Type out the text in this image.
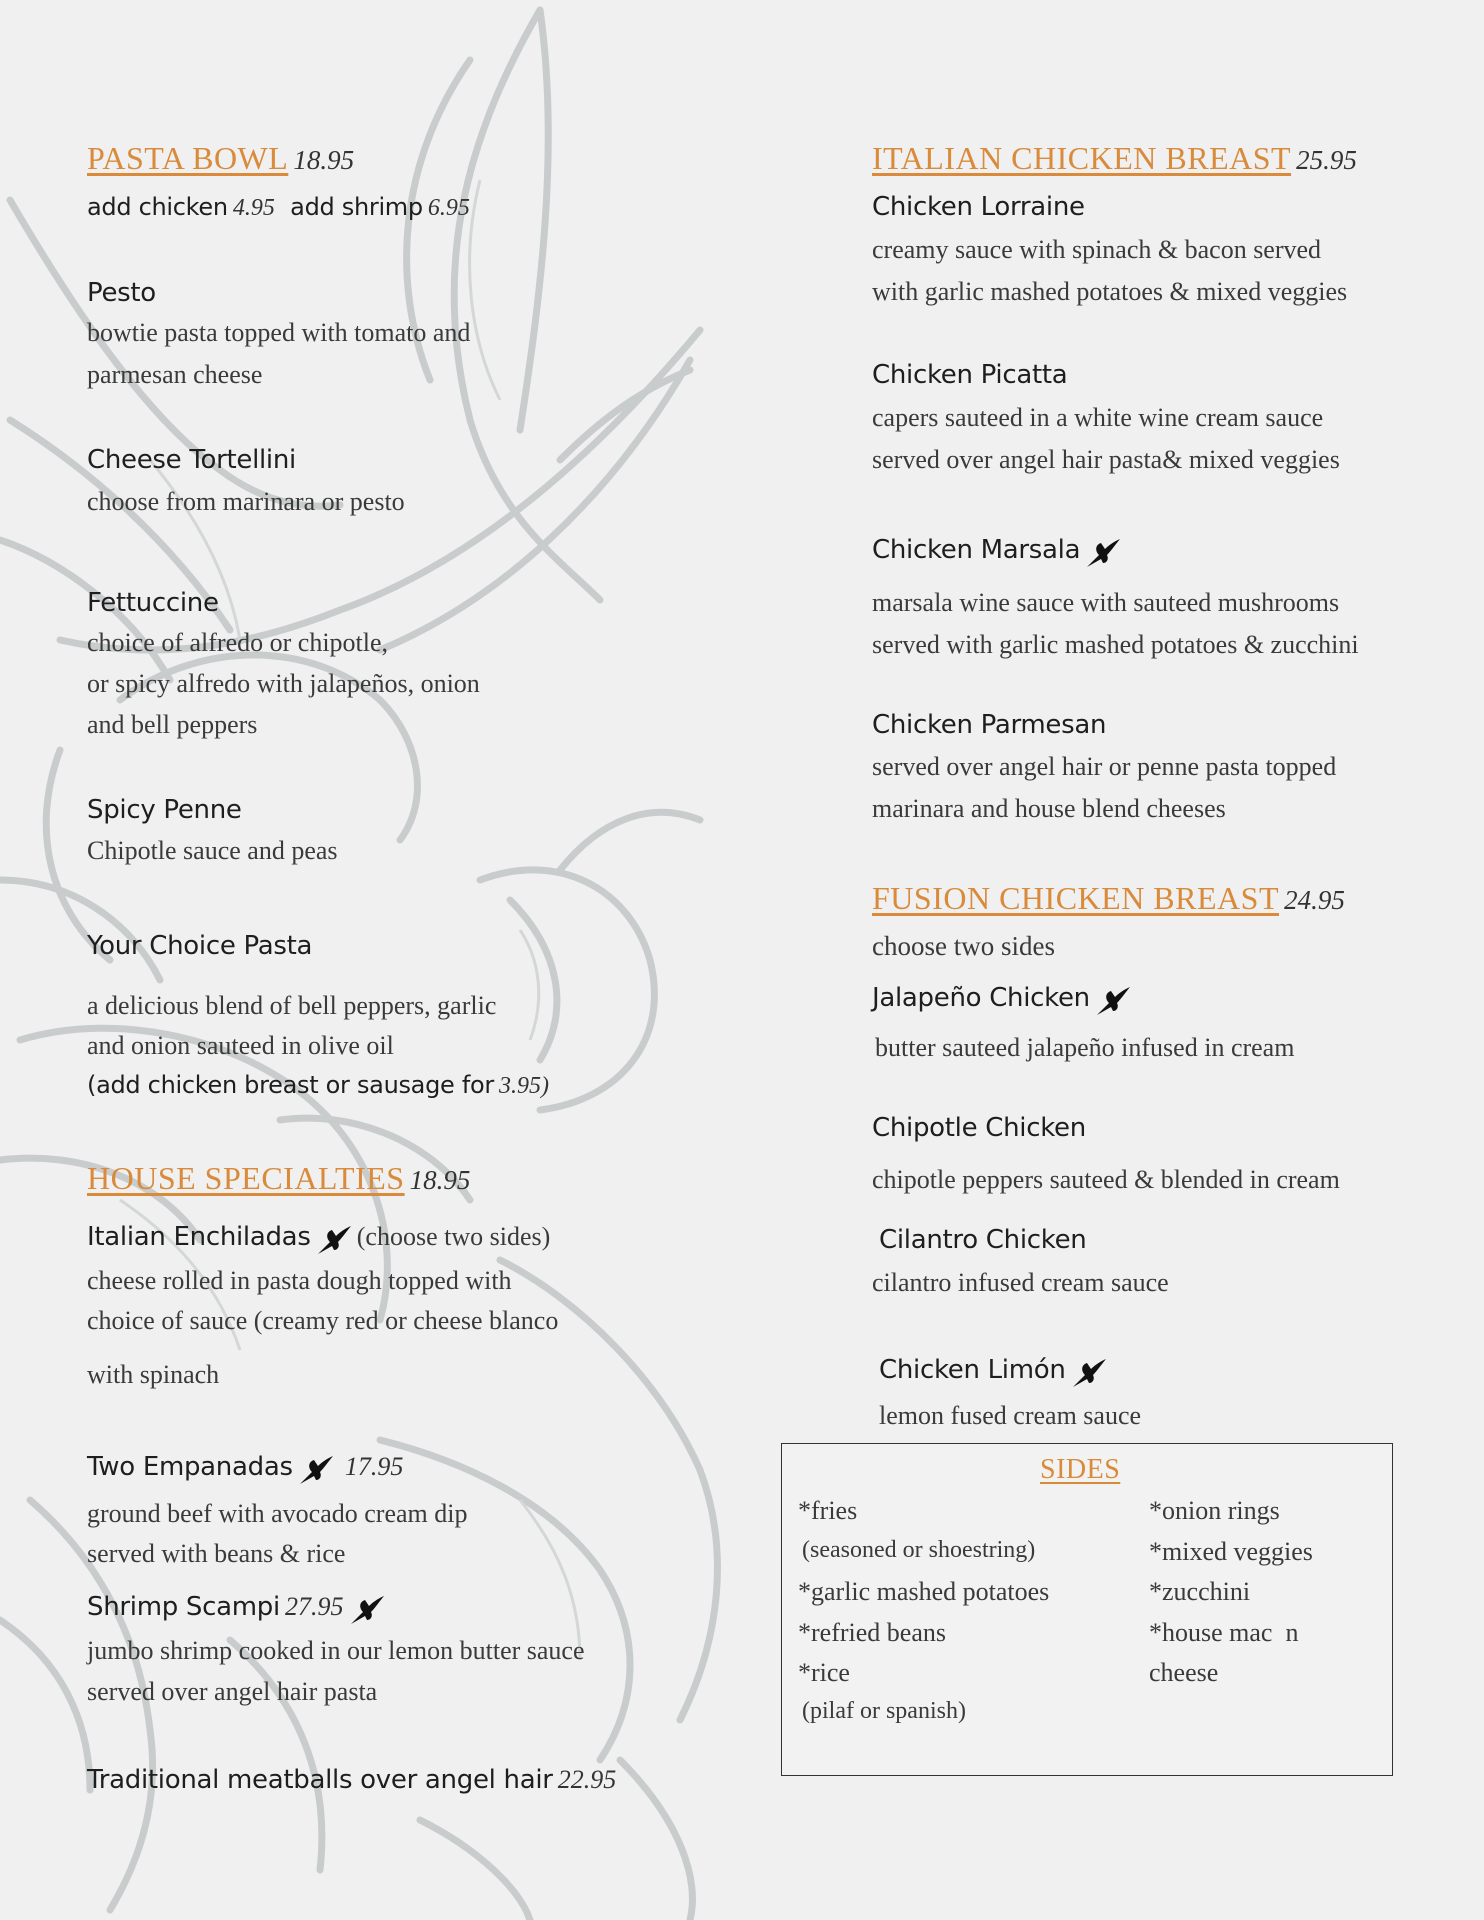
PASTA BOWL 18.95
add chicken 4.95 add shrimp 6.95
Pesto
bowtie pasta topped with tomato and
parmesan cheese
Cheese Tortellini
choose from marinara or pesto
Fettuccine
choice of alfredo or chipotle,
or spicy alfredo with jalapeños, onion
and bell peppers
Spicy Penne
Chipotle sauce and peas
Your Choice Pasta
a delicious blend of bell peppers, garlic
and onion sauteed in olive oil
(add chicken breast or sausage for 3.95)
HOUSE SPECIALTIES 18.95
Italian Enchiladas (choose two sides)
cheese rolled in pasta dough topped with
choice of sauce (creamy red or cheese blanco
with spinach
Two Empanadas 17.95
ground beef with avocado cream dip
served with beans & rice
Shrimp Scampi 27.95
jumbo shrimp cooked in our lemon butter sauce
served over angel hair pasta
Traditional meatballs over angel hair 22.95
ITALIAN CHICKEN BREAST 25.95
Chicken Lorraine
creamy sauce with spinach & bacon served
with garlic mashed potatoes & mixed veggies
Chicken Picatta
capers sauteed in a white wine cream sauce
served over angel hair pasta& mixed veggies
Chicken Marsala
marsala wine sauce with sauteed mushrooms
served with garlic mashed potatoes & zucchini
Chicken Parmesan
served over angel hair or penne pasta topped
marinara and house blend cheeses
FUSION CHICKEN BREAST 24.95
choose two sides
Jalapeño Chicken
butter sauteed jalapeño infused in cream
Chipotle Chicken
chipotle peppers sauteed & blended in cream
Cilantro Chicken
cilantro infused cream sauce
Chicken Limón
lemon fused cream sauce
SIDES
*fries
(seasoned or shoestring)
*garlic mashed potatoes
*refried beans
*rice
(pilaf or spanish)
*onion rings
*mixed veggies
*zucchini
*house mac  n
cheese
